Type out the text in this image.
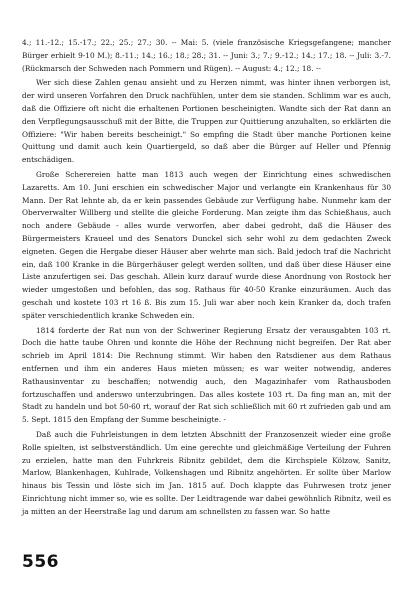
4.; 11.-12.; 15.-17.; 22.; 25.; 27.; 30. -- Mai: 5. (viele französische Kriegsgefangene; mancher Bürger erhielt 9-10 M.); 8.-11.; 14.; 16.; 18.; 28.; 31. -- Juni: 3.; 7.; 9.-12.; 14.; 17.; 18. -- Juli: 3.-7. (Rückmarsch der Schweden nach Pommern und Rügen). -- August: 4.; 12.; 18. --

Wer sich diese Zahlen genau ansieht und zu Herzen nimmt, was hinter ihnen verborgen ist, der wird unseren Vorfahren den Druck nachfühlen, unter dem sie standen. Schlimm war es auch, daß die Offiziere oft nicht die erhaltenen Portionen bescheinigten. Wandte sich der Rat dann an den Verpflegungsausschuß mit der Bitte, die Truppen zur Quittierung anzuhalten, so erklärten die Offiziere: "Wir haben bereits bescheinigt." So empfing die Stadt über manche Portionen keine Quittung und damit auch kein Quartiergeld, so daß aber die Bürger auf Heller und Pfennig entschädigen.

Große Scherereien hatte man 1813 auch wegen der Einrichtung eines schwedischen Lazaretts. Am 10. Juni erschien ein schwedischer Major und verlangte ein Krankenhaus für 30 Mann. Der Rat lehnte ab, da er kein passendes Gebäude zur Verfügung habe. Nunmehr kam der Oberverwalter Willberg und stellte die gleiche Forderung. Man zeigte ihm das Schießhaus, auch noch andere Gebäude - alles wurde verworfen, aber dabei gedroht, daß die Häuser des Bürgermeisters Kraueel und des Senators Dunckel sich sehr wohl zu dem gedachten Zweck eigneten. Gegen die Hergabe dieser Häuser aber wehrte man sich. Bald jedoch traf die Nachricht ein, daß 100 Kranke in die Bürgerhäuser gelegt werden sollten, und daß über diese Häuser eine Liste anzufertigen sei. Das geschah. Allein kurz darauf wurde diese Anordnung von Rostock her wieder umgestoßen und befohlen, das sog. Rathaus für 40-50 Kranke einzuräumen. Auch das geschah und kostete 103 rt 16 ß. Bis zum 15. Juli war aber noch kein Kranker da, doch trafen später verschiedentlich kranke Schweden ein.

1814 forderte der Rat nun von der Schweriner Regierung Ersatz der verausgabten 103 rt. Doch die hatte taube Ohren und konnte die Höhe der Rechnung nicht begreifen. Der Rat aber schrieb im April 1814: Die Rechnung stimmt. Wir haben den Ratsdiener aus dem Rathaus entfernen und ihm ein anderes Haus mieten müssen; es war weiter notwendig, anderes Rathausinventar zu beschaffen; notwendig auch, den Magazinhafer vom Rathausboden fortzuschaffen und anderswo unterzubringen. Das alles kostete 103 rt. Da fing man an, mit der Stadt zu handeln und bot 50-60 rt, worauf der Rat sich schließlich mit 60 rt zufrieden gab und am 5. Sept. 1815 den Empfang der Summe bescheinigte. -

Daß auch die Fuhrleistungen in dem letzten Abschnitt der Franzosenzeit wieder eine große Rolle spielten, ist selbstverständlich. Um eine gerechte und gleichmäßige Verteilung der Fuhren zu erzielen, hatte man den Fuhrkreis Ribnitz gebildet, dem die Kirchspiele Kölzow, Sanitz, Marlow, Blankenhagen, Kuhlrade, Volkenshagen und Ribnitz angehörten. Er sollte über Marlow hinaus bis Tessin und löste sich im Jan. 1815 auf. Doch klappte das Fuhrwesen trotz jener Einrichtung nicht immer so, wie es sollte. Der Leidtragende war dabei gewöhnlich Ribnitz, weil es ja mitten an der Heerstraße lag und darum am schnellsten zu fassen war. So hatte

556
